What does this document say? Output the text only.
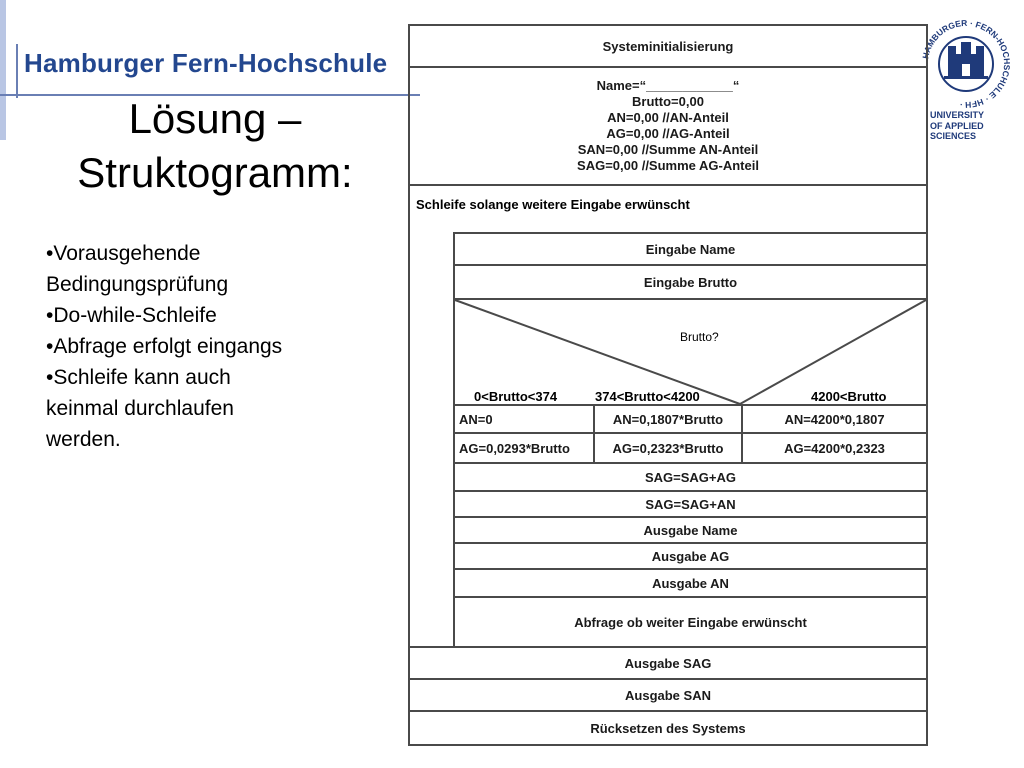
Hamburger Fern-Hochschule
Lösung –
Struktogramm:
•Vorausgehende Bedingungsprüfung
•Do-while-Schleife
•Abfrage erfolgt eingangs
•Schleife kann auch keinmal durchlaufen werden.
HAMBURGER · FERN-HOCHSCHULE · HFH ·
UNIVERSITY
OF APPLIED SCIENCES
Systeminitialisierung
Name=“____________“
Brutto=0,00
AN=0,00 //AN-Anteil
AG=0,00 //AG-Anteil
SAN=0,00 //Summe AN-Anteil
SAG=0,00 //Summe AG-Anteil
Schleife solange weitere Eingabe erwünscht
Eingabe Name
Eingabe Brutto
Brutto?
0<Brutto<374	374<Brutto<4200	4200<Brutto
AN=0	AN=0,1807*Brutto	AN=4200*0,1807
AG=0,0293*Brutto	AG=0,2323*Brutto	AG=4200*0,2323
SAG=SAG+AG
SAG=SAG+AN
Ausgabe Name
Ausgabe AG
Ausgabe AN
Abfrage ob weiter Eingabe erwünscht
Ausgabe SAG
Ausgabe SAN
Rücksetzen des Systems
